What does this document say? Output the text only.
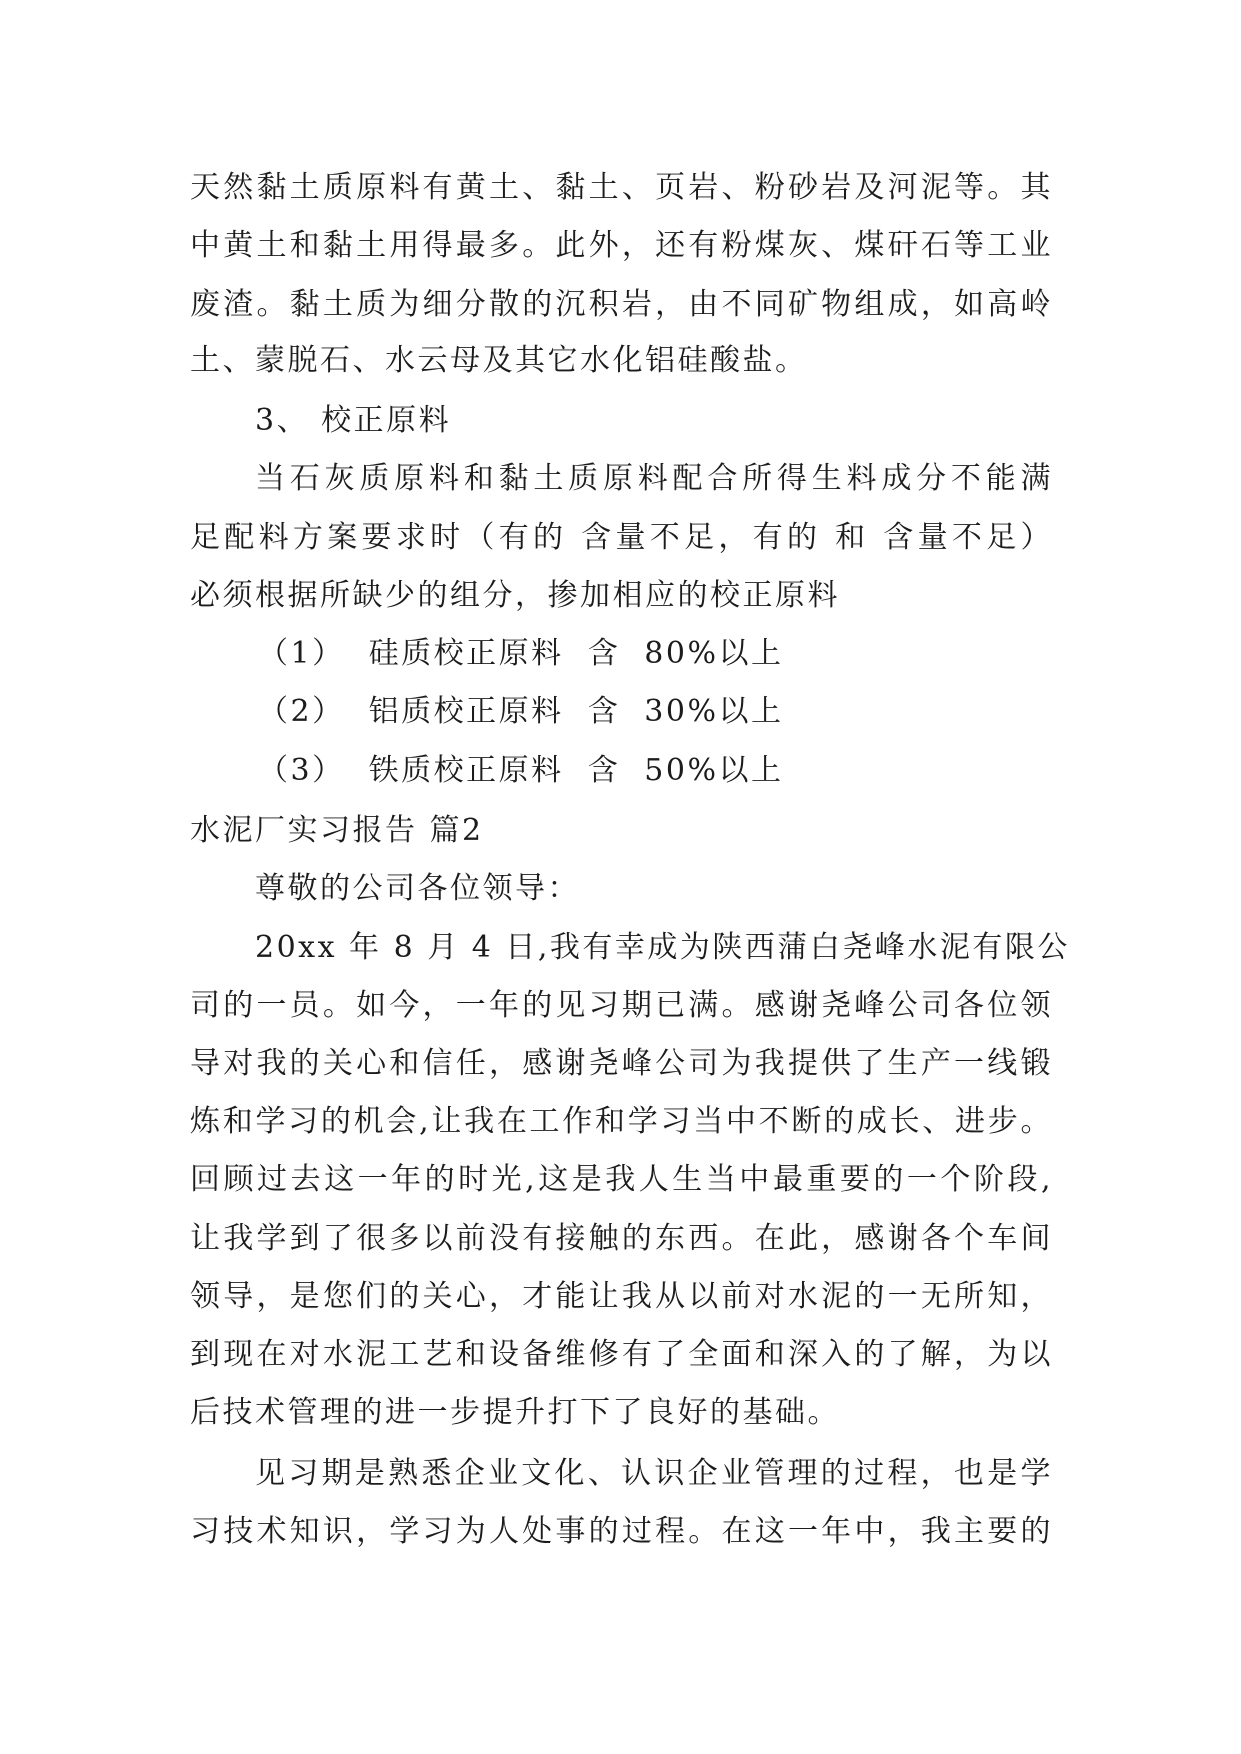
天然黏土质原料有黄土、黏土、页岩、粉砂岩及河泥等。其
中黄土和黏土用得最多。此外，还有粉煤灰、煤矸石等工业
废渣。黏土质为细分散的沉积岩，由不同矿物组成，如高岭
土、蒙脱石、水云母及其它水化铝硅酸盐。
3、 校正原料
当石灰质原料和黏土质原料配合所得生料成分不能满
足配料方案要求时（有的 含量不足，有的 和 含量不足）
必须根据所缺少的组分，掺加相应的校正原料
（1）  硅质校正原料  含  80%以上
（2）  铝质校正原料  含  30%以上
（3）  铁质校正原料  含  50%以上
水泥厂实习报告 篇2
尊敬的公司各位领导：
20xx 年 8 月 4 日,我有幸成为陕西蒲白尧峰水泥有限公
司的一员。如今，一年的见习期已满。感谢尧峰公司各位领
导对我的关心和信任，感谢尧峰公司为我提供了生产一线锻
炼和学习的机会,让我在工作和学习当中不断的成长、进步。
回顾过去这一年的时光,这是我人生当中最重要的一个阶段,
让我学到了很多以前没有接触的东西。在此，感谢各个车间
领导，是您们的关心，才能让我从以前对水泥的一无所知，
到现在对水泥工艺和设备维修有了全面和深入的了解，为以
后技术管理的进一步提升打下了良好的基础。
见习期是熟悉企业文化、认识企业管理的过程，也是学
习技术知识，学习为人处事的过程。在这一年中，我主要的
